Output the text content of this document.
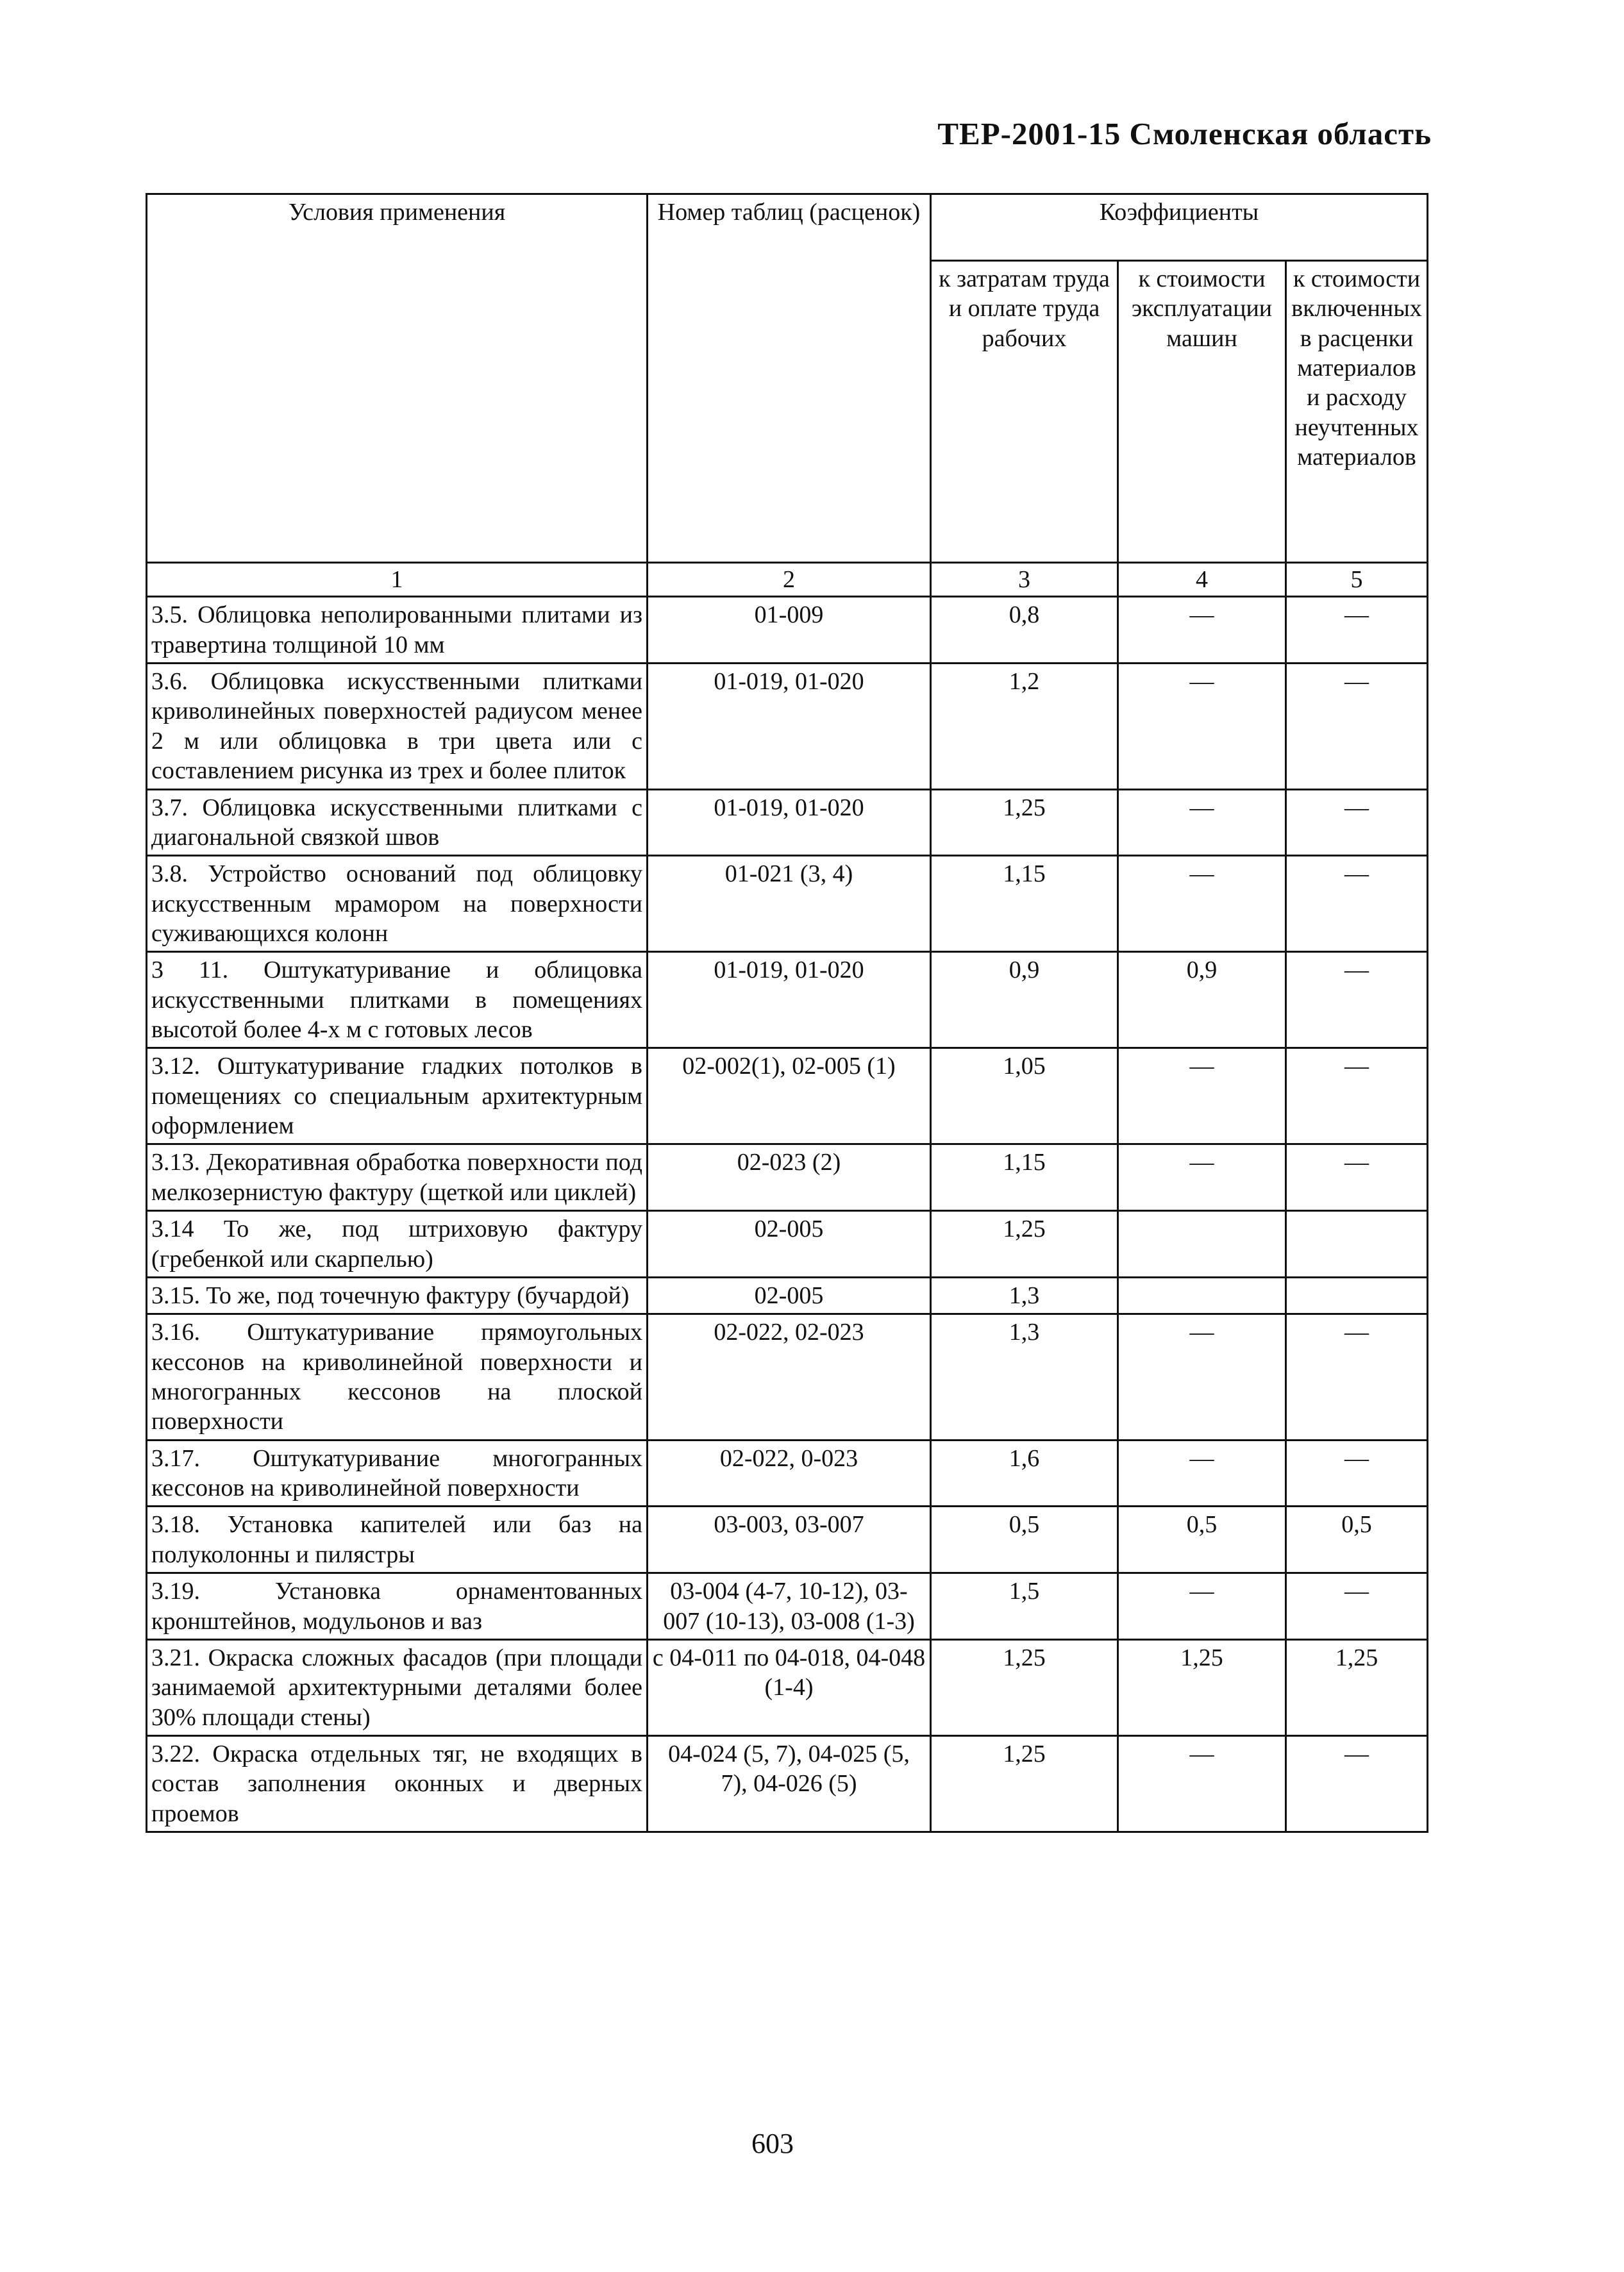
ТЕР-2001-15 Смоленская область
Условия применения	Номер таблиц (расценок)	Коэффициенты		
		к затратам труда и оплате труда рабочих	к стоимости эксплуатации машин	к стоимости включенных в расценки материалов и расходу неучтенных материалов
1	2	3	4	5
3.5. Облицовка неполированными плитами из травертина толщиной 10 мм	01-009	0,8	—	—
3.6. Облицовка искусственными плитками криволинейных поверхностей радиусом менее 2 м или облицовка в три цвета или с составлением рисунка из трех и более плиток	01-019, 01-020	1,2	—	—
3.7. Облицовка искусственными плитками с диагональной связкой швов	01-019, 01-020	1,25	—	—
3.8. Устройство оснований под облицовку искусственным мрамором на поверхности суживающихся колонн	01-021 (3, 4)	1,15	—	—
3 11. Оштукатуривание и облицовка искусственными плитками в помещениях высотой более 4-х м с готовых лесов	01-019, 01-020	0,9	0,9	—
3.12. Оштукатуривание гладких потолков в помещениях со специальным архитектурным оформлением	02-002(1), 02-005 (1)	1,05	—	—
3.13. Декоративная обработка поверхности под мелкозернистую фактуру (щеткой или циклей)	02-023 (2)	1,15	—	—
3.14 То же, под штриховую фактуру (гребенкой или скарпелью)	02-005	1,25		
3.15. То же, под точечную фактуру (бучардой)	02-005	1,3		
3.16. Оштукатуривание прямоугольных кессонов на криволинейной поверхности и многогранных кессонов на плоской поверхности	02-022, 02-023	1,3	—	—
3.17. Оштукатуривание многогранных кессонов на криволинейной поверхности	02-022, 0-023	1,6	—	—
3.18. Установка капителей или баз на полуколонны и пилястры	03-003, 03-007	0,5	0,5	0,5
3.19. Установка орнаментованных кронштейнов, модульонов и ваз	03-004 (4-7, 10-12), 03-007 (10-13), 03-008 (1-3)	1,5	—	—
3.21. Окраска сложных фасадов (при площади занимаемой архитектурными деталями более 30% площади стены)	с 04-011 по 04-018, 04-048 (1-4)	1,25	1,25	1,25
3.22. Окраска отдельных тяг, не входящих в состав заполнения оконных и дверных проемов	04-024 (5, 7), 04-025 (5, 7), 04-026 (5)	1,25	—	—
603
